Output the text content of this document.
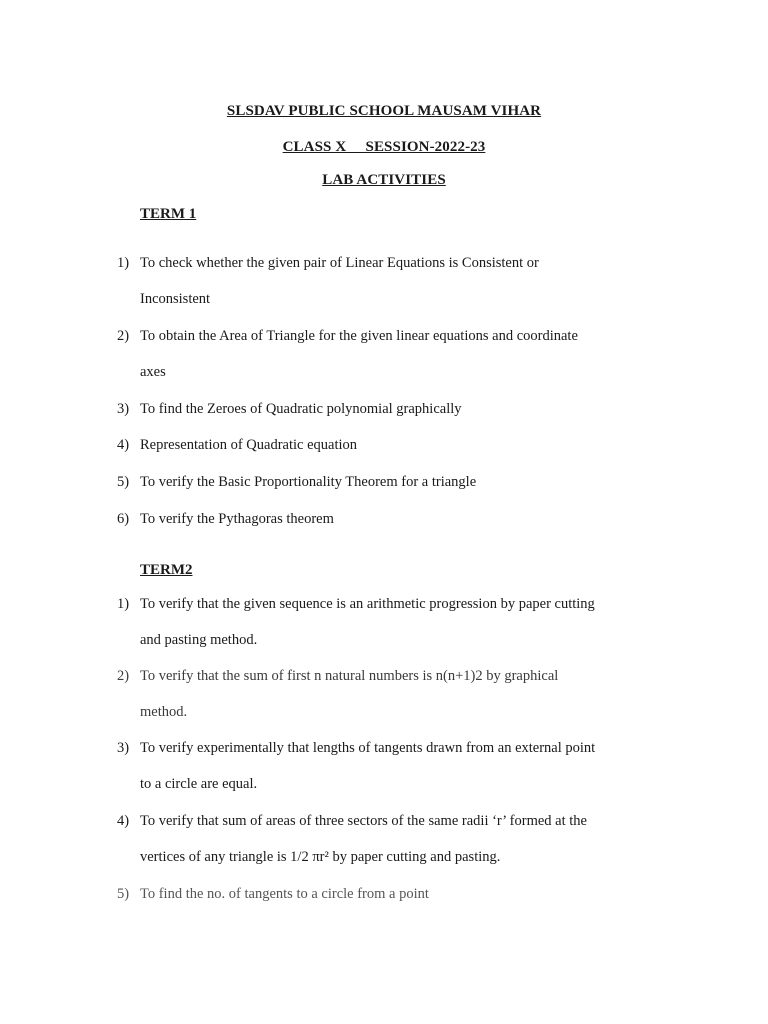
SLSDAV PUBLIC SCHOOL MAUSAM VIHAR
CLASS X     SESSION-2022-23
LAB ACTIVITIES
TERM 1
1) To check whether the given pair of Linear Equations is Consistent or
Inconsistent
2) To obtain the Area of Triangle for the given linear equations and coordinate
axes
3) To find the Zeroes of Quadratic polynomial graphically
4) Representation of Quadratic equation
5) To verify the Basic Proportionality Theorem for a triangle
6) To verify the Pythagoras theorem
TERM2
1) To verify that the given sequence is an arithmetic progression by paper cutting
and pasting method.
2) To verify that the sum of first n natural numbers is n(n+1)2 by graphical
method.
3) To verify experimentally that lengths of tangents drawn from an external point
to a circle are equal.
4) To verify that sum of areas of three sectors of the same radii ‘r’ formed at the
vertices of any triangle is 1/2 πr² by paper cutting and pasting.
5) To find the no. of tangents to a circle from a point
